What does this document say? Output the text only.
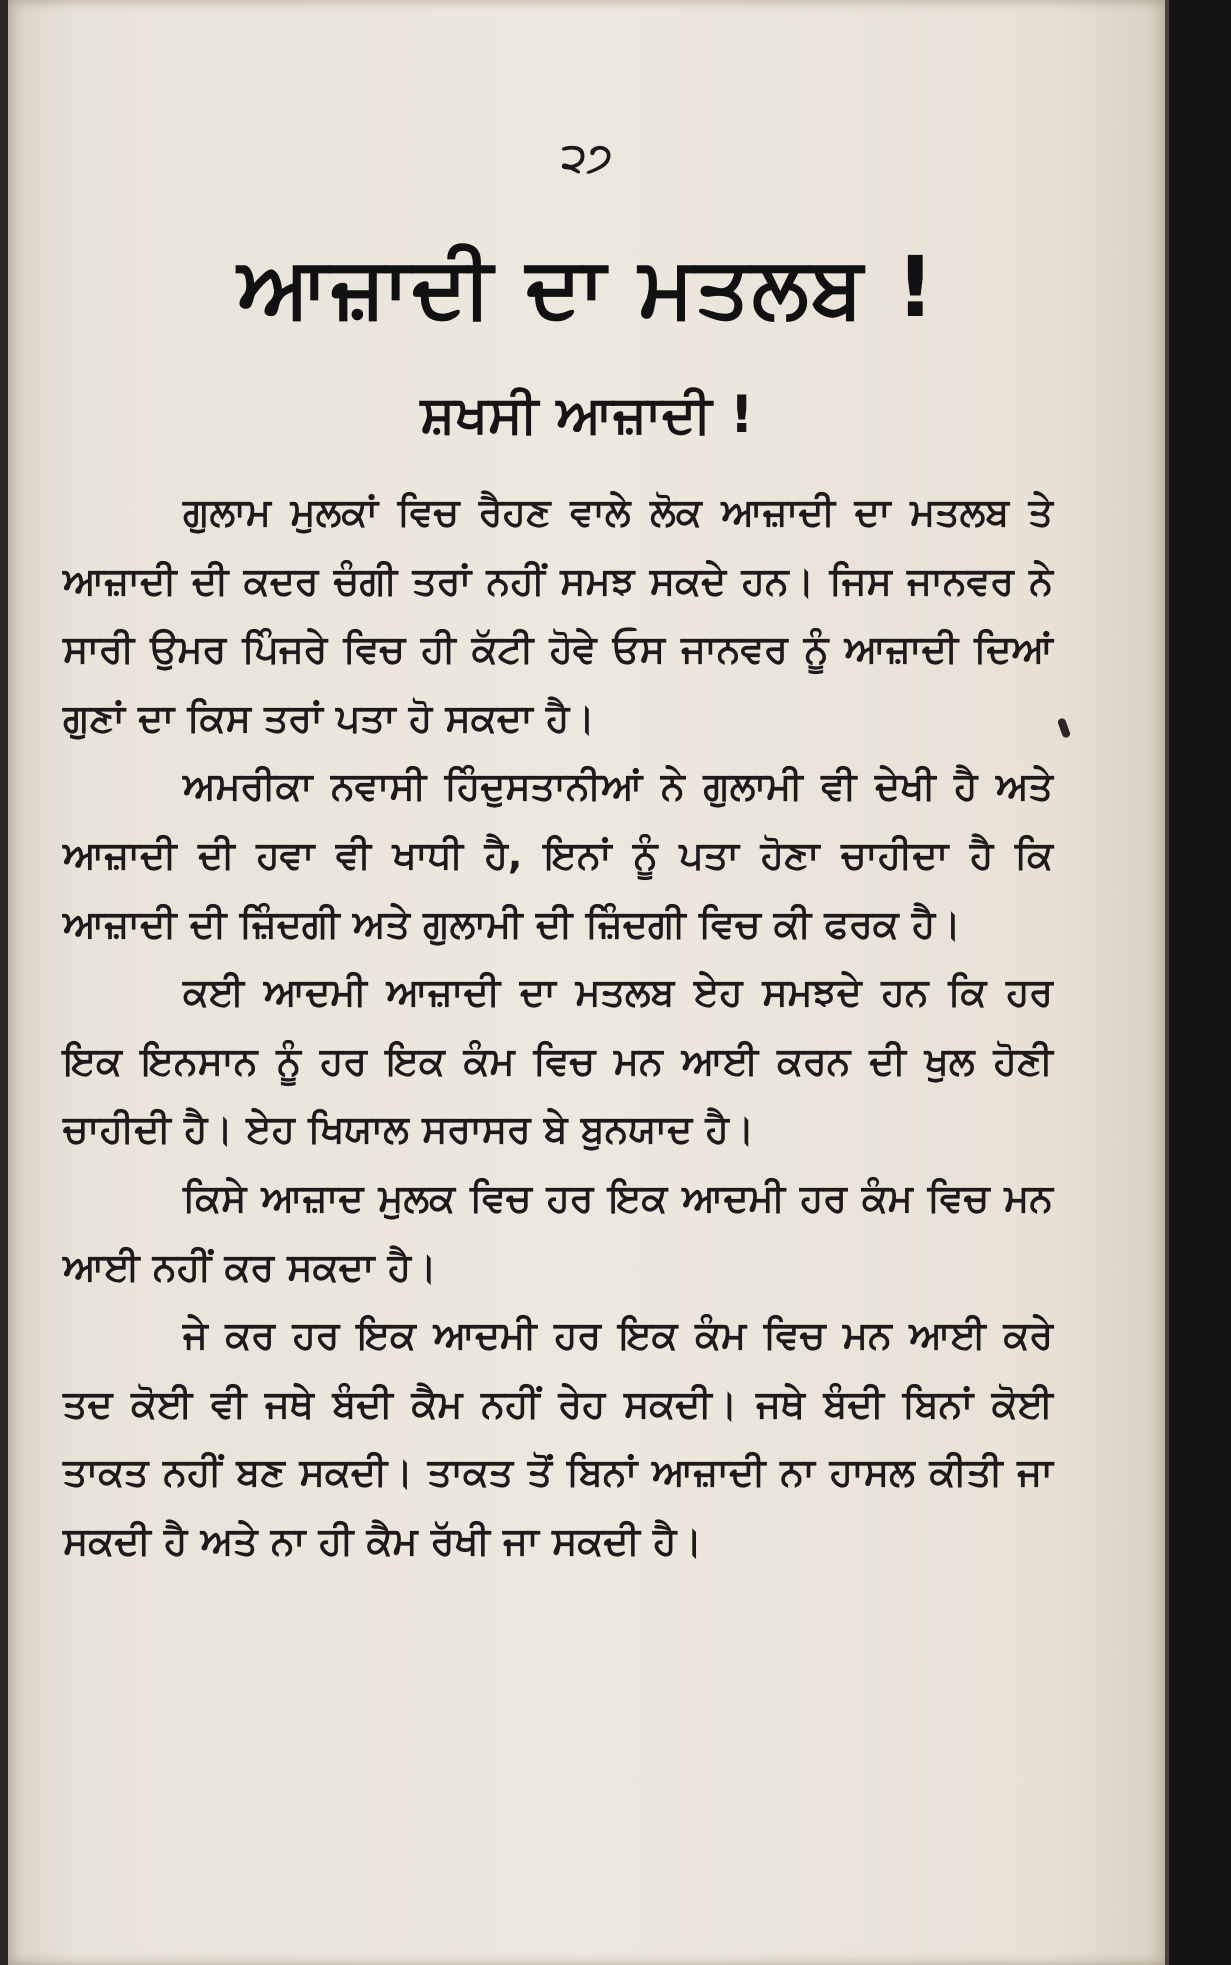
੨੭
ਆਜ਼ਾਦੀ ਦਾ ਮਤਲਬ !
ਸ਼ਖਸੀ ਆਜ਼ਾਦੀ !

ਗੁਲਾਮ ਮੁਲਕਾਂ ਵਿਚ ਰੈਹਣ ਵਾਲੇ ਲੋਕ ਆਜ਼ਾਦੀ ਦਾ ਮਤਲਬ ਤੇ ਆਜ਼ਾਦੀ ਦੀ ਕਦਰ ਚੰਗੀ ਤਰਾਂ ਨਹੀਂ ਸਮਝ ਸਕਦੇ ਹਨ। ਜਿਸ ਜਾਨਵਰ ਨੇ ਸਾਰੀ ਉਮਰ ਪਿੰਜਰੇ ਵਿਚ ਹੀ ਕੱਟੀ ਹੋਵੇ ਓਸ ਜਾਨਵਰ ਨੂੰ ਆਜ਼ਾਦੀ ਦਿਆਂ ਗੁਣਾਂ ਦਾ ਕਿਸ ਤਰਾਂ ਪਤਾ ਹੋ ਸਕਦਾ ਹੈ।

ਅਮਰੀਕਾ ਨਵਾਸੀ ਹਿੰਦੁਸਤਾਨੀਆਂ ਨੇ ਗੁਲਾਮੀ ਵੀ ਦੇਖੀ ਹੈ ਅਤੇ ਆਜ਼ਾਦੀ ਦੀ ਹਵਾ ਵੀ ਖਾਧੀ ਹੈ, ਇਨਾਂ ਨੂੰ ਪਤਾ ਹੋਣਾ ਚਾਹੀਦਾ ਹੈ ਕਿ ਆਜ਼ਾਦੀ ਦੀ ਜ਼ਿੰਦਗੀ ਅਤੇ ਗੁਲਾਮੀ ਦੀ ਜ਼ਿੰਦਗੀ ਵਿਚ ਕੀ ਫਰਕ ਹੈ।

ਕਈ ਆਦਮੀ ਆਜ਼ਾਦੀ ਦਾ ਮਤਲਬ ਏਹ ਸਮਝਦੇ ਹਨ ਕਿ ਹਰ ਇਕ ਇਨਸਾਨ ਨੂੰ ਹਰ ਇਕ ਕੰਮ ਵਿਚ ਮਨ ਆਈ ਕਰਨ ਦੀ ਖੁਲ ਹੋਣੀ ਚਾਹੀਦੀ ਹੈ। ਏਹ ਖਿਯਾਲ ਸਰਾਸਰ ਬੇ ਬੁਨਯਾਦ ਹੈ।

ਕਿਸੇ ਆਜ਼ਾਦ ਮੁਲਕ ਵਿਚ ਹਰ ਇਕ ਆਦਮੀ ਹਰ ਕੰਮ ਵਿਚ ਮਨ ਆਈ ਨਹੀਂ ਕਰ ਸਕਦਾ ਹੈ।

ਜੇ ਕਰ ਹਰ ਇਕ ਆਦਮੀ ਹਰ ਇਕ ਕੰਮ ਵਿਚ ਮਨ ਆਈ ਕਰੇ ਤਦ ਕੋਈ ਵੀ ਜਥੇ ਬੰਦੀ ਕੈਮ ਨਹੀਂ ਰੇਹ ਸਕਦੀ। ਜਥੇ ਬੰਦੀ ਬਿਨਾਂ ਕੋਈ ਤਾਕਤ ਨਹੀਂ ਬਣ ਸਕਦੀ। ਤਾਕਤ ਤੋਂ ਬਿਨਾਂ ਆਜ਼ਾਦੀ ਨਾ ਹਾਸਲ ਕੀਤੀ ਜਾ ਸਕਦੀ ਹੈ ਅਤੇ ਨਾ ਹੀ ਕੈਮ ਰੱਖੀ ਜਾ ਸਕਦੀ ਹੈ।
